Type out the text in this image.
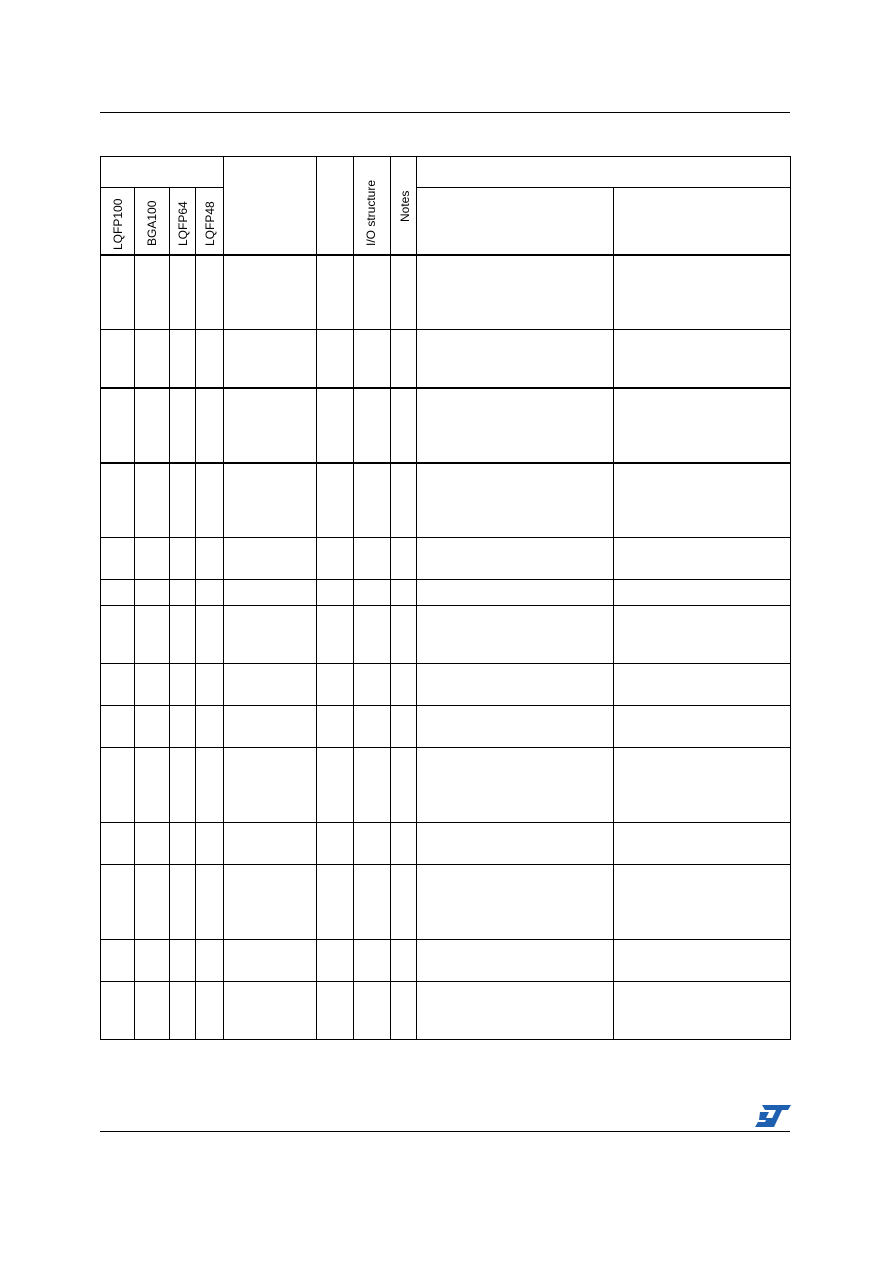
LQFP100 BGA100 LQFP64 LQFP48	I/O structure Notes
